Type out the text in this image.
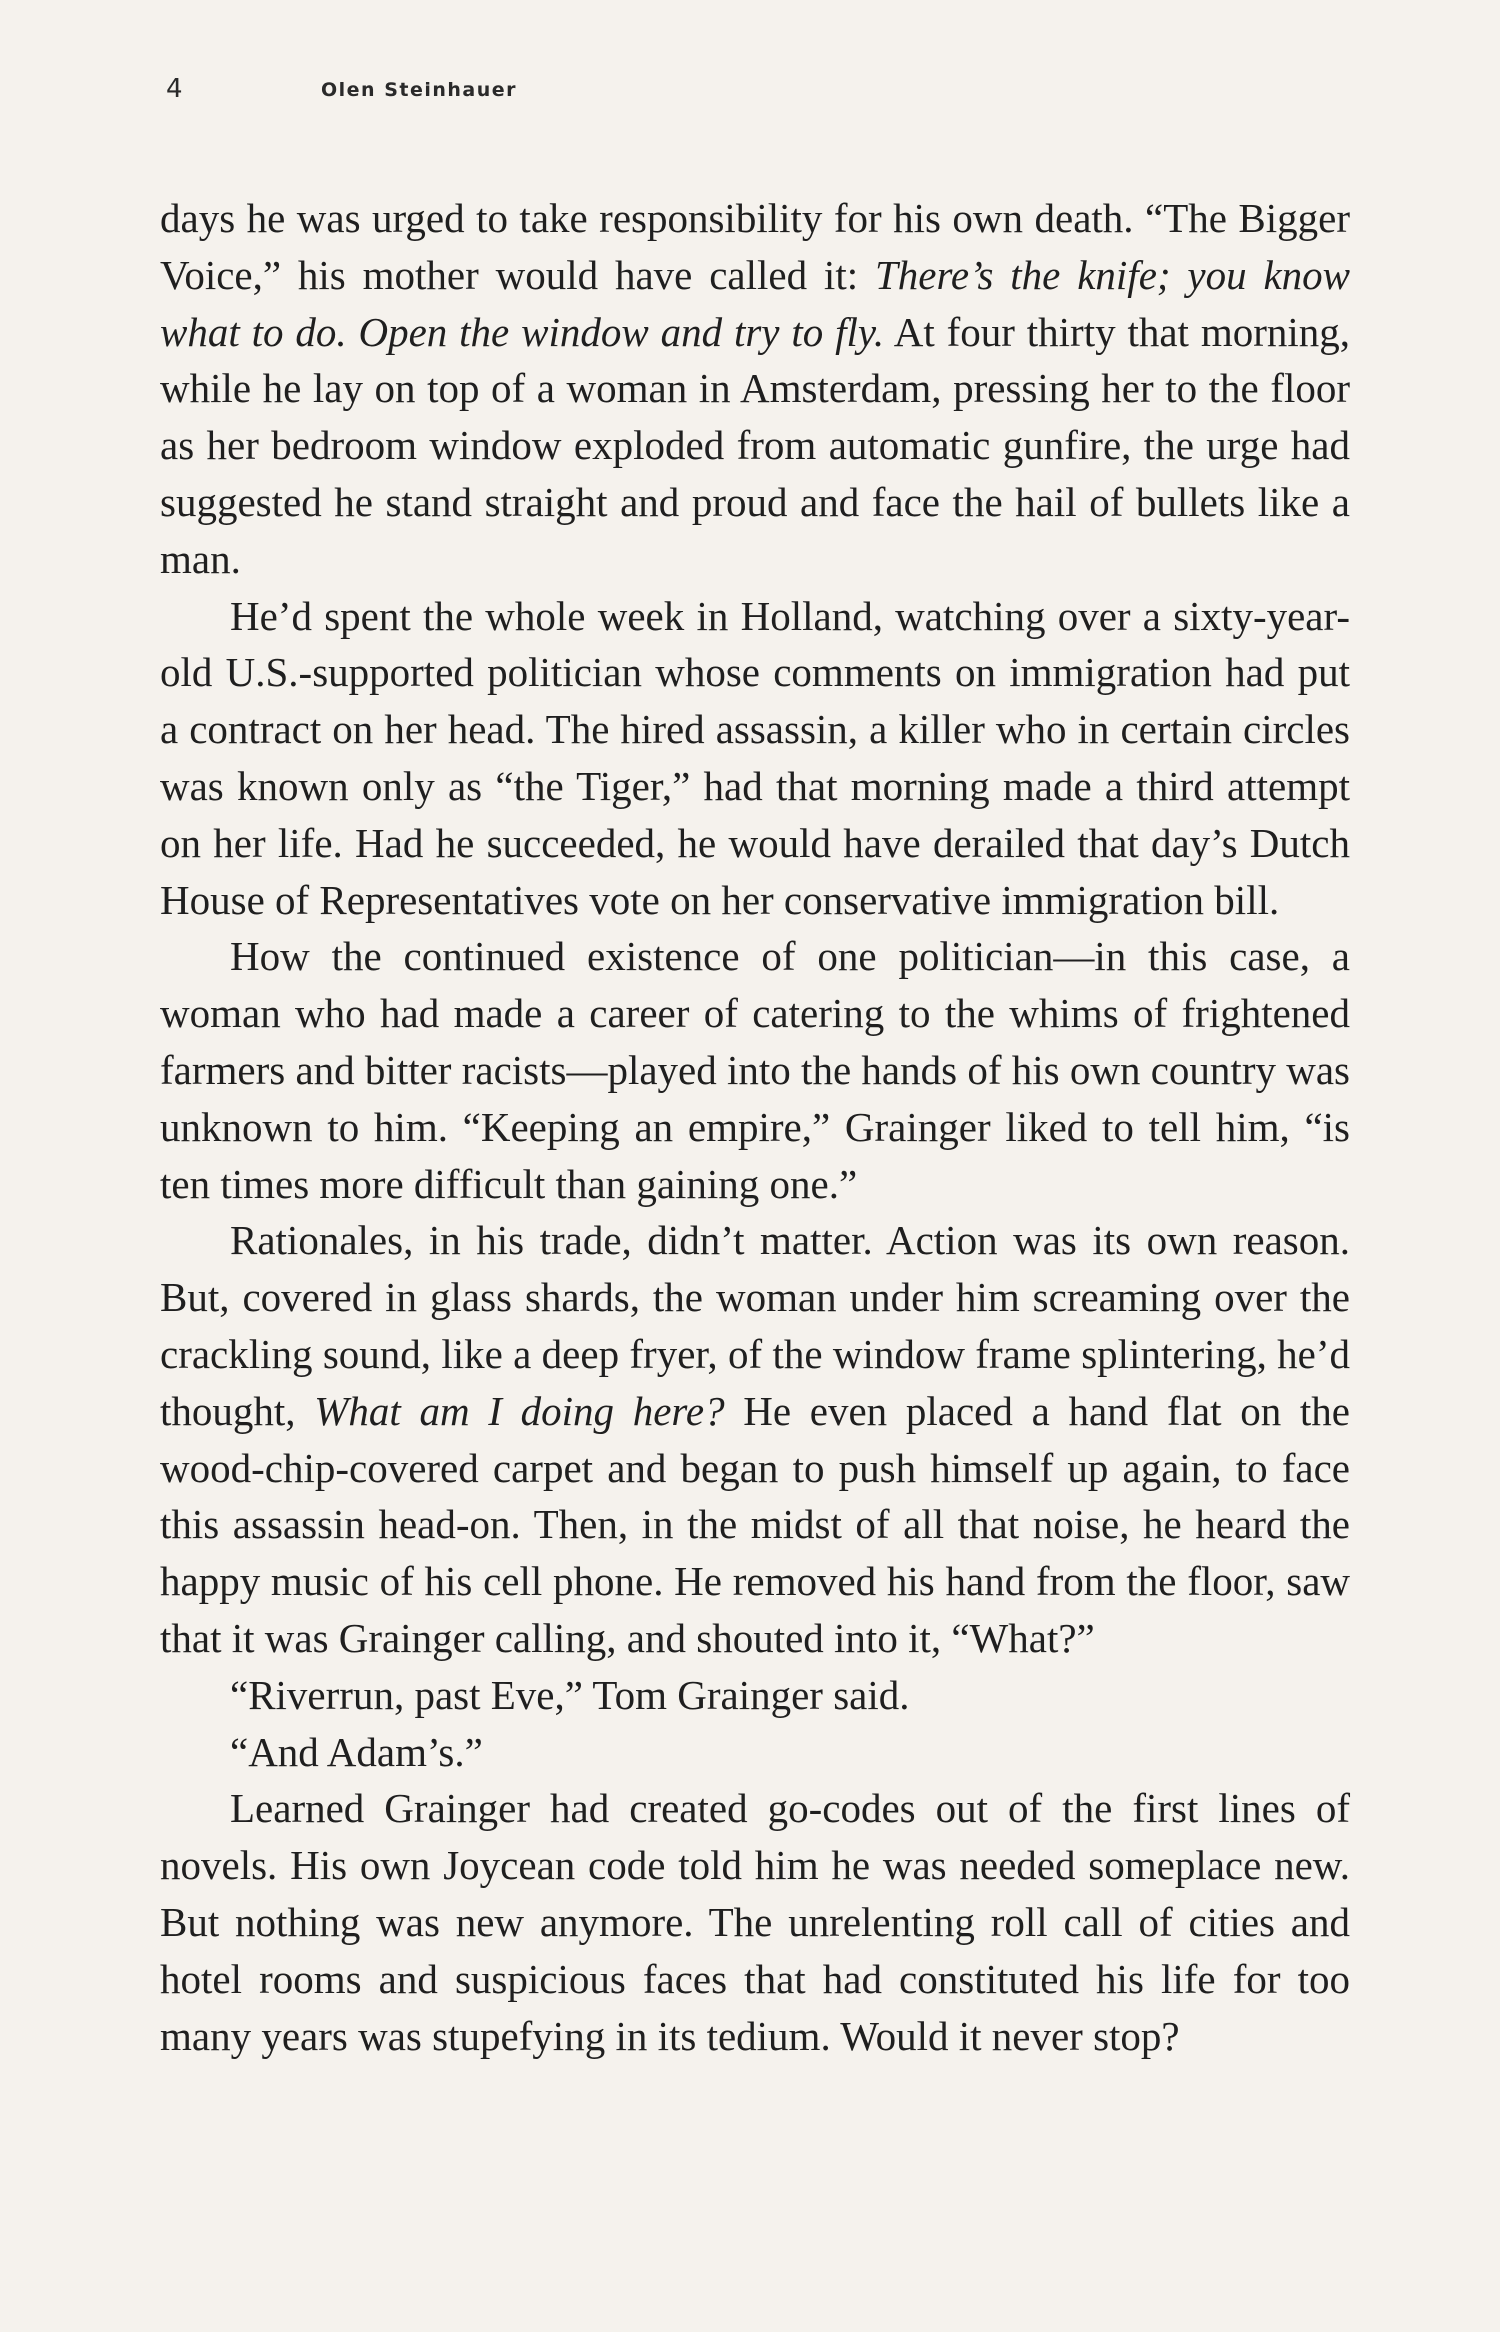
4	Olen Steinhauer

days he was urged to take responsibility for his own death. “The Bigger Voice,” his mother would have called it: There’s the knife; you know what to do. Open the window and try to fly. At four thirty that morning, while he lay on top of a woman in Amsterdam, pressing her to the floor as her bedroom window exploded from automatic gunfire, the urge had suggested he stand straight and proud and face the hail of bullets like a man.

He’d spent the whole week in Holland, watching over a sixty-year-old U.S.-supported politician whose comments on immigration had put a contract on her head. The hired assassin, a killer who in certain circles was known only as “the Tiger,” had that morning made a third attempt on her life. Had he succeeded, he would have derailed that day’s Dutch House of Representatives vote on her conservative immigration bill.

How the continued existence of one politician—in this case, a woman who had made a career of catering to the whims of frightened farmers and bitter racists—played into the hands of his own country was unknown to him. “Keeping an empire,” Grainger liked to tell him, “is ten times more difficult than gaining one.”

Rationales, in his trade, didn’t matter. Action was its own reason. But, covered in glass shards, the woman under him screaming over the crackling sound, like a deep fryer, of the window frame splintering, he’d thought, What am I doing here? He even placed a hand flat on the wood-chip-covered carpet and began to push himself up again, to face this assassin head-on. Then, in the midst of all that noise, he heard the happy music of his cell phone. He removed his hand from the floor, saw that it was Grainger calling, and shouted into it, “What?”

“Riverrun, past Eve,” Tom Grainger said.

“And Adam’s.”

Learned Grainger had created go-codes out of the first lines of novels. His own Joycean code told him he was needed someplace new. But nothing was new anymore. The unrelenting roll call of cities and hotel rooms and suspicious faces that had constituted his life for too many years was stupefying in its tedium. Would it never stop?
